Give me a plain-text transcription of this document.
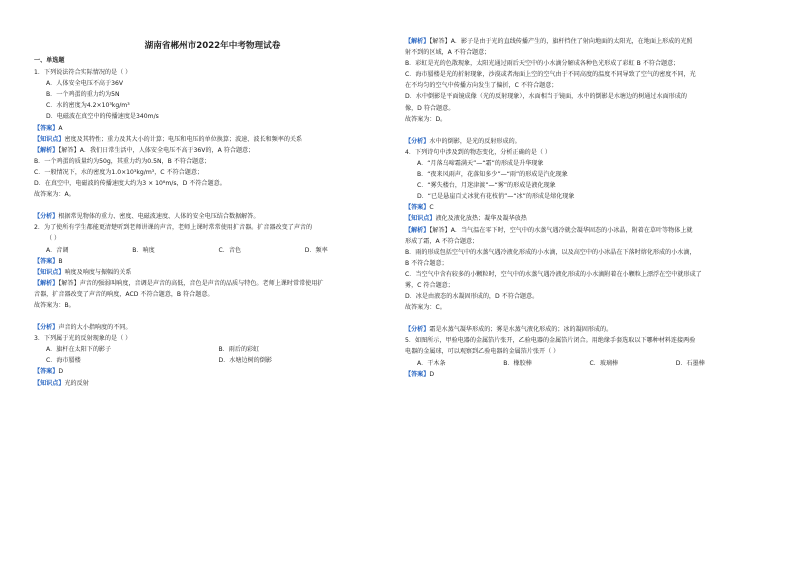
湖南省郴州市2022年中考物理试卷
一、单选题
1．下列说法符合实际情况的是（ ）
A．人体安全电压不高于36V
B．一个鸡蛋的重力约为5N
C．水的密度为4.2×10³kg/m³
D．电磁波在真空中的传播速度是340m/s
【答案】A
【知识点】密度及其特性；重力及其大小的计算；电压和电压的单位换算；波速、波长和频率的关系
【解析】【解答】A．我们日常生活中，人体安全电压不高于36V的，A 符合题意；
B．一个鸡蛋的质量约为50g，其重力约为0.5N，B 不符合题意；
C．一般情况下，水的密度为1.0×10³kg/m³，C 不符合题意；
D．在真空中，电磁波的传播速度大约为3 × 10⁸m/s，D 不符合题意。
故答案为：A。
【分析】根据常见物体的重力、密度、电磁波速度、人体的安全电压结合数据解答。
2．为了使所有学生都能更清楚听到老师讲课的声音，老师上课时常常使用扩音器。扩音器改变了声音的
（ ）
A．音调	B．响度	C．音色	D．频率
【答案】B
【知识点】响度及响度与振幅的关系
【解析】【解答】声音的强弱叫响度，音调是声音的高低，音色是声音的品质与特色。老师上课时常常使用扩
音器，扩音器改变了声音的响度，ACD 不符合题意，B 符合题意。
故答案为：B。
【分析】声音的大小指响度的不同。
3．下列属于光的反射现象的是（ ）
A．旗杆在太阳下的影子	B．雨后的彩虹
C．海市蜃楼	D．水塘边树的倒影
【答案】D
【知识点】光的反射
【解析】【解答】A．影子是由于光的直线传播产生的，旗杆挡住了射向地面的太阳光，在地面上形成的光照
射不到的区域，A 不符合题意；
B．彩虹是光的色散现象，太阳光通过雨后天空中的小水滴分解成各种色光形成了彩虹 B 不符合题意；
C．海市蜃楼是光的折射现象，沙漠或者海面上空的空气由于不同高度的温度不同导致了空气的密度不同，光
在不均匀的空气中传播方向发生了偏折，C 不符合题意；
D．水中倒影是平面镜成像（光的反射现象），水面相当于镜面，水中的倒影是水塘边的树通过水面形成的
像，D 符合题意。
故答案为：D。
【分析】水中的倒影，是光的反射形成的。
4．下列诗句中涉及到的物态变化，分析正确的是（ ）
A．“月落乌啼霜满天”—“霜”的形成是升华现象
B．“夜来风雨声，花落知多少”—“雨”的形成是汽化现象
C．“雾失楼台，月迷津渡”—“雾”的形成是液化现象
D．“已是悬崖百丈冰犹有花枝俏”—“冰”的形成是熔化现象
【答案】C
【知识点】液化及液化放热；凝华及凝华放热
【解析】【解答】A．当气温在零下时，空气中的水蒸气遇冷就会凝华固态的小冰晶，附着在草叶等物体上就
形成了霜，A 不符合题意；
B．雨的形成包括空气中的水蒸气遇冷液化形成的小水滴，以及高空中的小冰晶在下落时熔化形成的小水滴，
B 不符合题意；
C．当空气中含有较多的小颗粒时，空气中的水蒸气遇冷液化形成的小水滴附着在小颗粒上漂浮在空中就形成了
雾，C 符合题意；
D．冰是由液态的水凝固形成的，D 不符合题意。
故答案为：C。
【分析】霜是水蒸气凝华形成的；雾是水蒸气液化形成的；冰的凝固形成的。
5．如图所示，甲验电器的金属箔片张开，乙验电器的金属箔片闭合。用绝缘手套选取以下哪种材料连接两验
电器的金属球，可以观察到乙验电器的金属箔片张开（ ）
A．干木条	B．橡胶棒	C．玻璃棒	D．石墨棒
【答案】D
